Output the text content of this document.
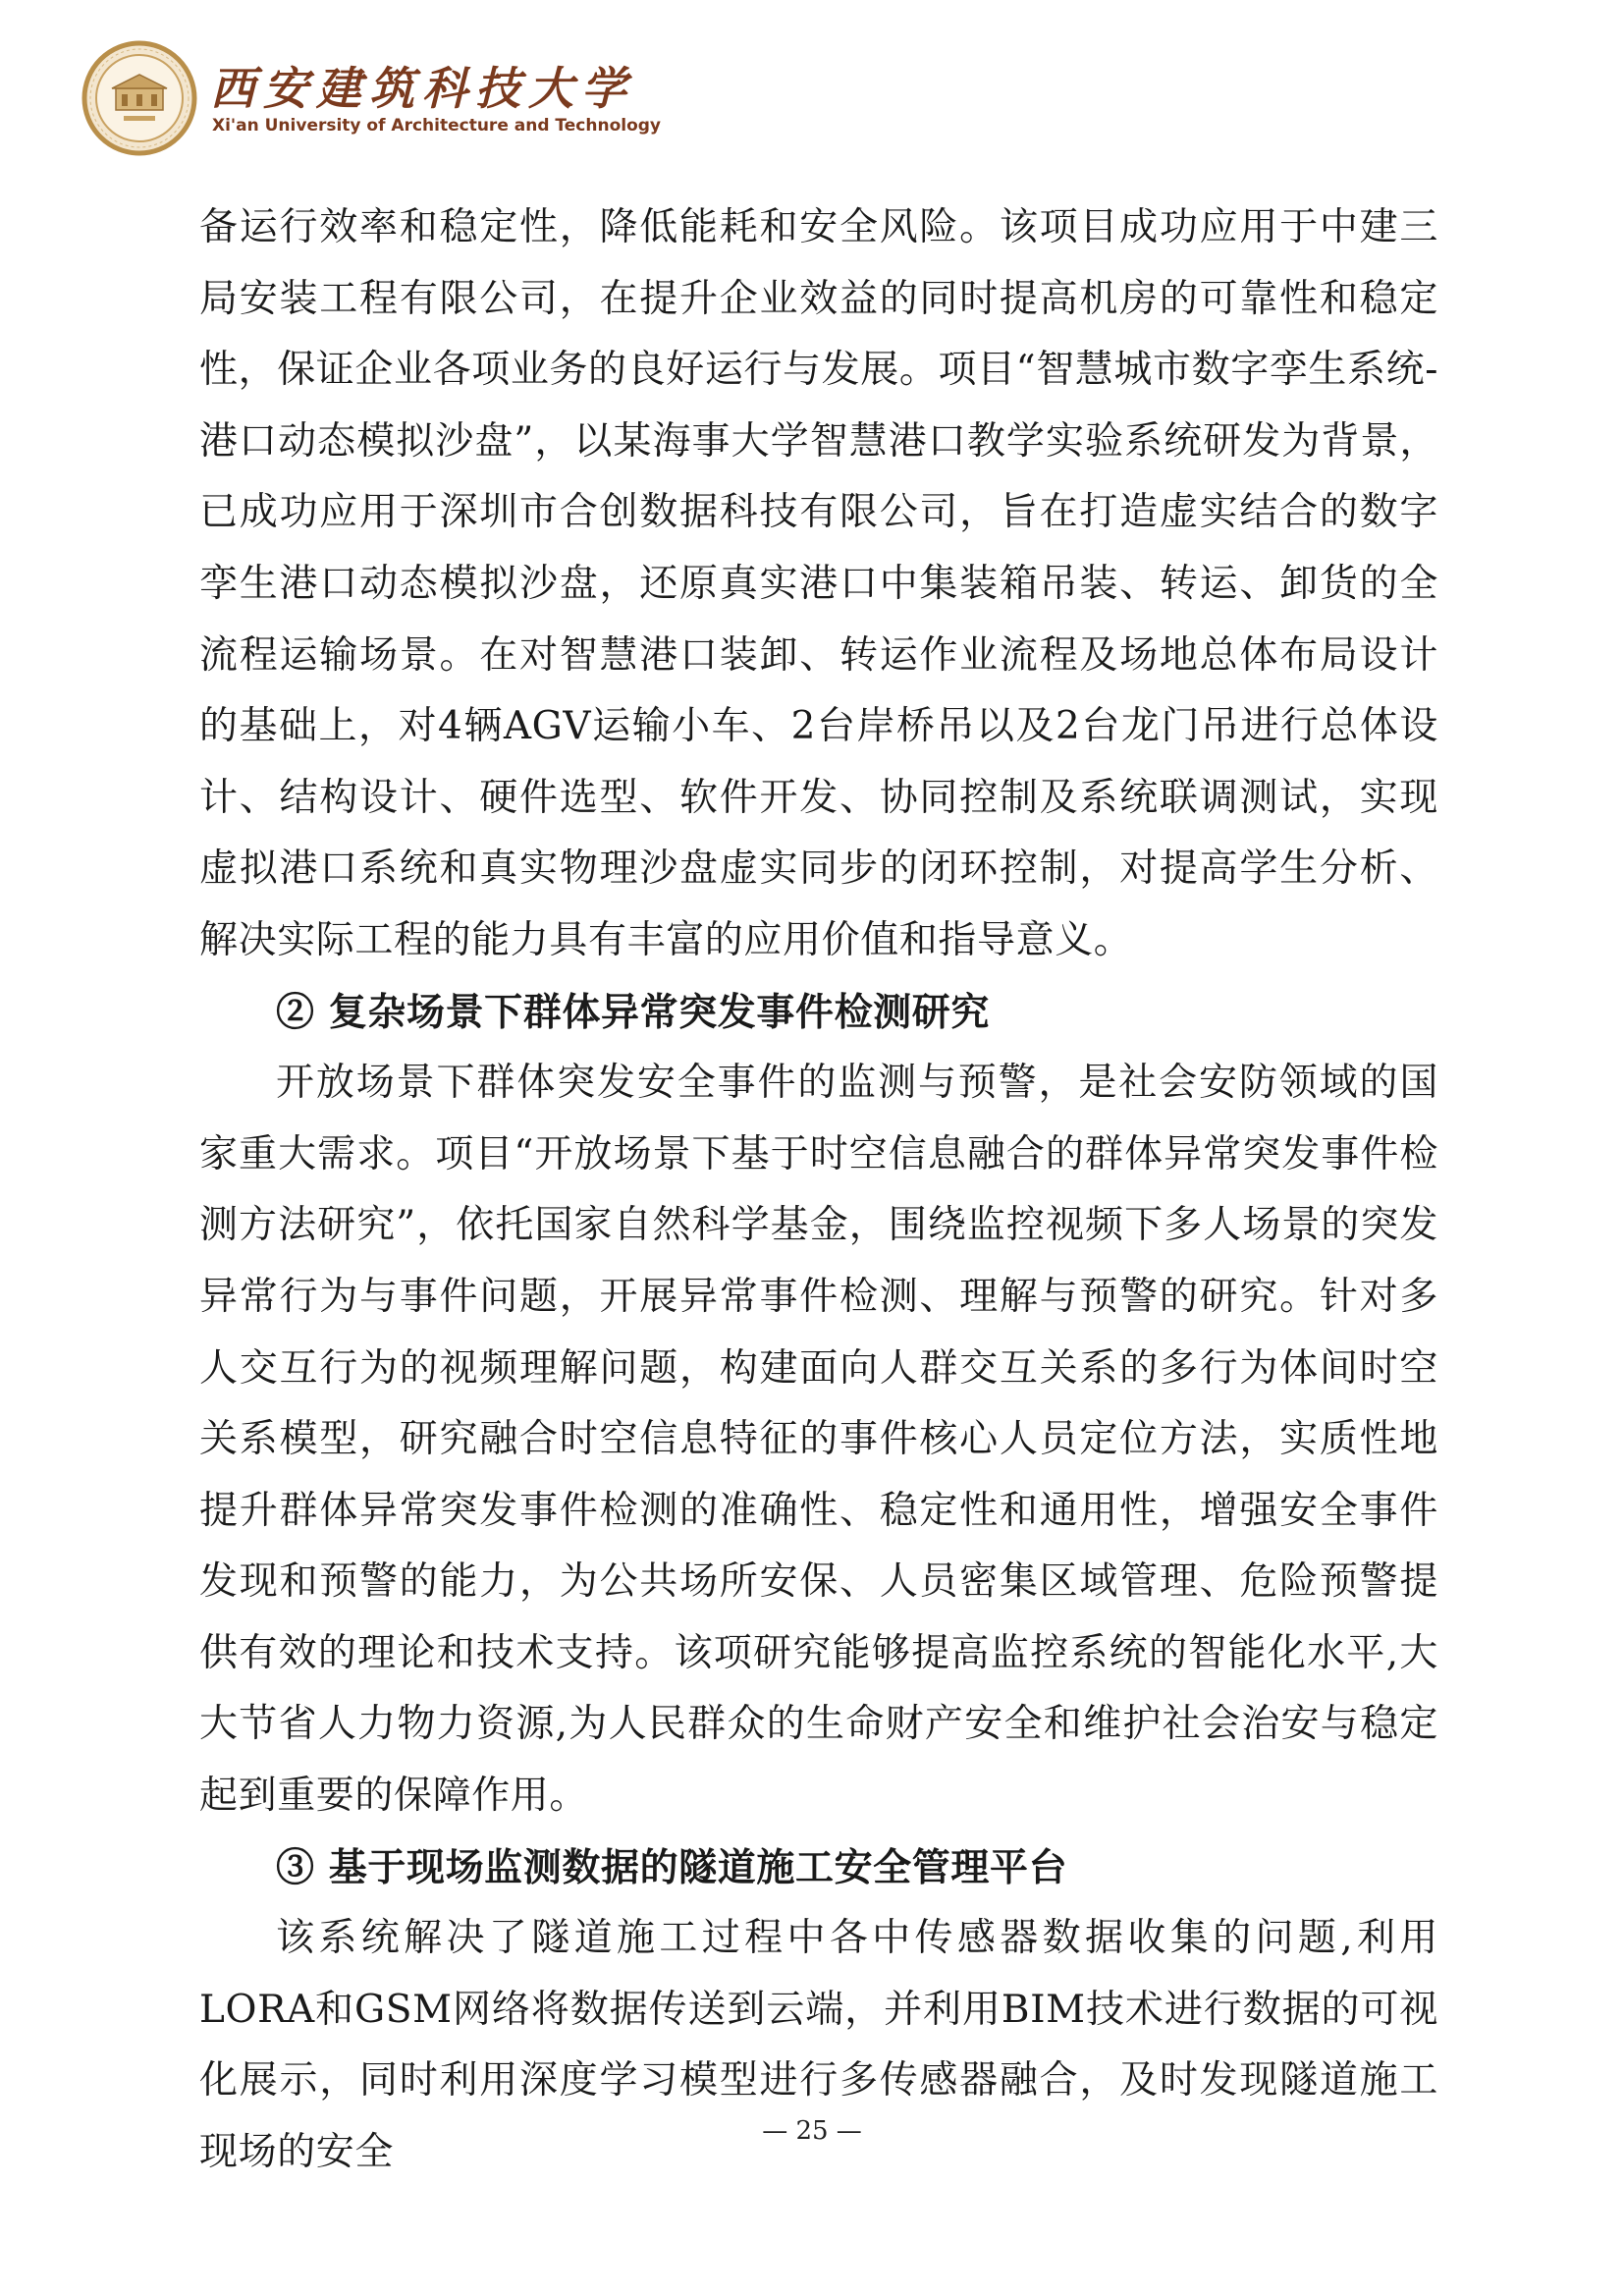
西安建筑科技大学
Xi'an University of Architecture and Technology

备运行效率和稳定性，降低能耗和安全风险。该项目成功应用于中建三局安装工程有限公司，在提升企业效益的同时提高机房的可靠性和稳定性，保证企业各项业务的良好运行与发展。项目“智慧城市数字孪生系统-港口动态模拟沙盘”，以某海事大学智慧港口教学实验系统研发为背景，已成功应用于深圳市合创数据科技有限公司，旨在打造虚实结合的数字孪生港口动态模拟沙盘，还原真实港口中集装箱吊装、转运、卸货的全流程运输场景。在对智慧港口装卸、转运作业流程及场地总体布局设计的基础上，对4辆AGV运输小车、2台岸桥吊以及2台龙门吊进行总体设计、结构设计、硬件选型、软件开发、协同控制及系统联调测试，实现虚拟港口系统和真实物理沙盘虚实同步的闭环控制，对提高学生分析、解决实际工程的能力具有丰富的应用价值和指导意义。

② 复杂场景下群体异常突发事件检测研究

开放场景下群体突发安全事件的监测与预警，是社会安防领域的国家重大需求。项目“开放场景下基于时空信息融合的群体异常突发事件检测方法研究”，依托国家自然科学基金，围绕监控视频下多人场景的突发异常行为与事件问题，开展异常事件检测、理解与预警的研究。针对多人交互行为的视频理解问题，构建面向人群交互关系的多行为体间时空关系模型，研究融合时空信息特征的事件核心人员定位方法，实质性地提升群体异常突发事件检测的准确性、稳定性和通用性，增强安全事件发现和预警的能力，为公共场所安保、人员密集区域管理、危险预警提供有效的理论和技术支持。该项研究能够提高监控系统的智能化水平,大大节省人力物力资源,为人民群众的生命财产安全和维护社会治安与稳定起到重要的保障作用。

③ 基于现场监测数据的隧道施工安全管理平台

该系统解决了隧道施工过程中各中传感器数据收集的问题,利用LORA和GSM网络将数据传送到云端，并利用BIM技术进行数据的可视化展示，同时利用深度学习模型进行多传感器融合，及时发现隧道施工现场的安全	— 25 —
